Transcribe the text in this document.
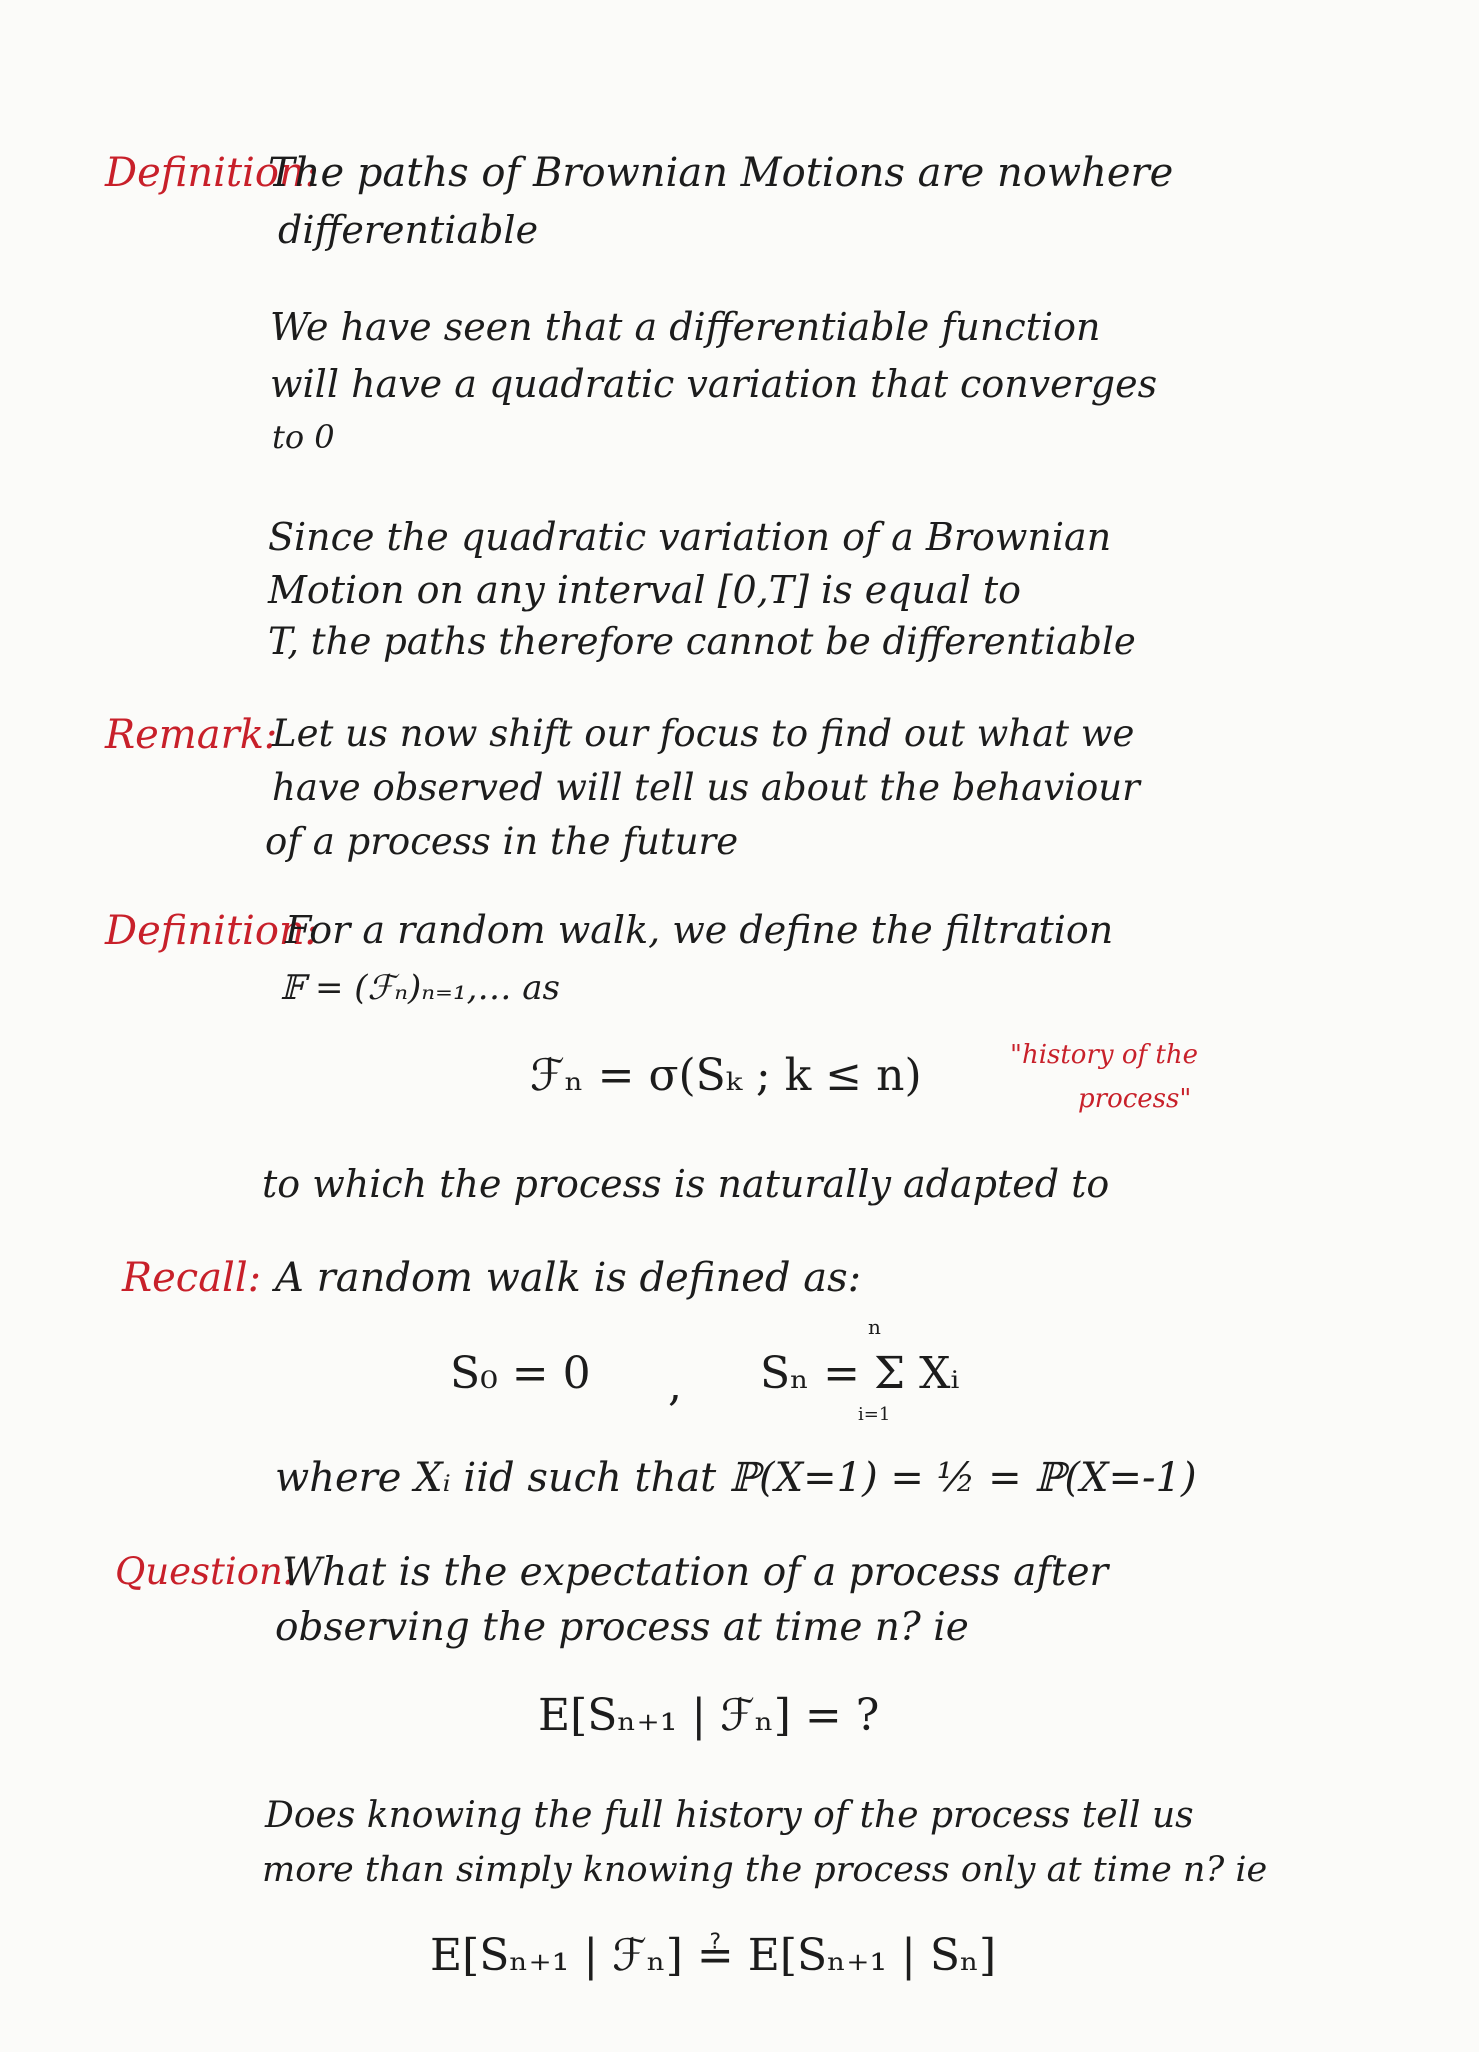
Definition:
The paths of Brownian Motions are nowhere
differentiable
We have seen that a differentiable function
will have a quadratic variation that converges
to 0
Since the quadratic variation of a Brownian
Motion on any interval [0,T] is equal to
T, the paths therefore cannot be differentiable
Remark:
Let us now shift our focus to find out what we
have observed will tell us about the behaviour
of a process in the future
Definition:
For a random walk, we define the filtration
𝔽 = (ℱₙ)ₙ₌₁,… as
ℱₙ = σ(Sₖ ; k ≤ n)	"history of the
process"
to which the process is naturally adapted to
Recall: A random walk is defined as:
S₀ = 0 , Sₙ = Σ Xᵢ
n
i=1
where Xᵢ iid such that ℙ(X=1) = ½ = ℙ(X=-1)
Question:
What is the expectation of a process after
observing the process at time n? ie
E[Sₙ₊₁ | ℱₙ] = ?
Does knowing the full history of the process tell us
more than simply knowing the process only at time n? ie
E[Sₙ₊₁ | ℱₙ] ≟ E[Sₙ₊₁ | Sₙ]
